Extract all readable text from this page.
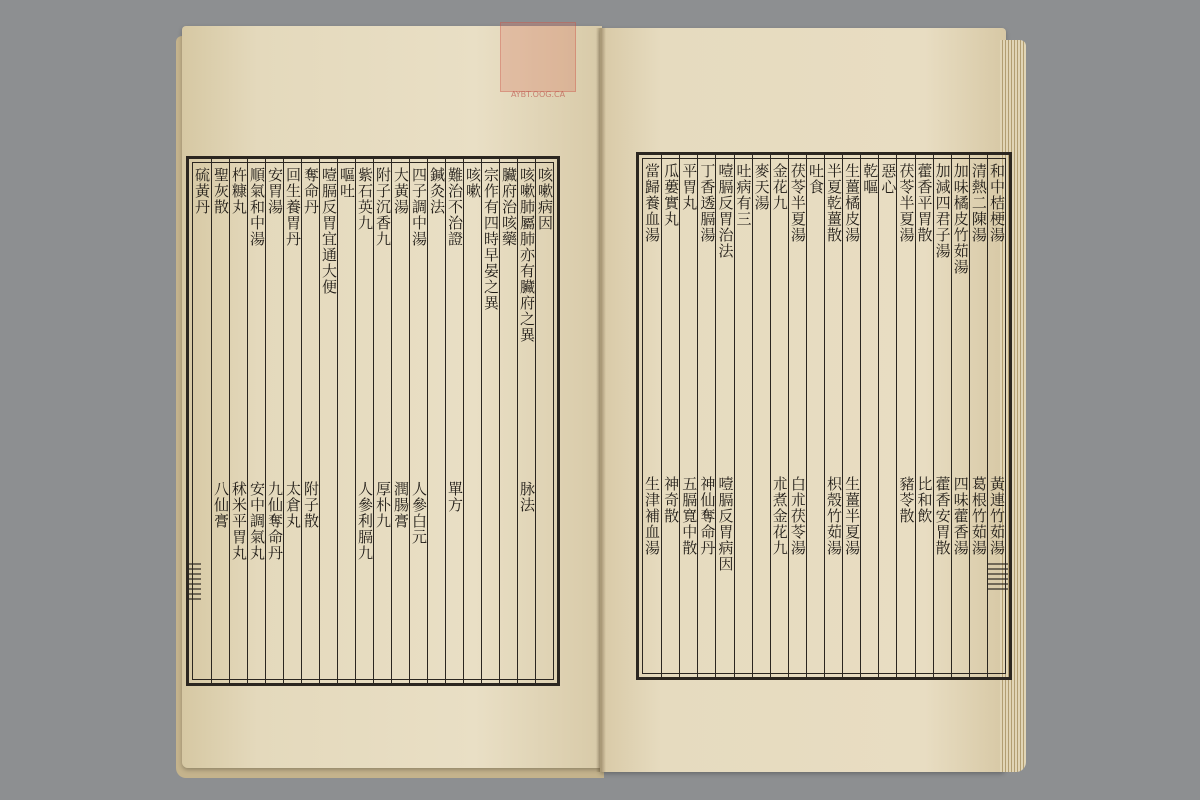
AYBT.OOG.CA
咳嗽病因
咳嗽肺屬肺亦有臟府之異
脉法
臟府治咳藥
宗作有四時早晏之異
咳嗽
難治不治證
單方
鍼灸法
四子調中湯
人參白元
大黃湯
潤腸膏
附子沉香九
厚朴九
紫石英九
人參利膈九
嘔吐
噎膈反胃宜通大便
奪命丹
附子散
回生養胃丹
太倉丸
安胃湯
九仙奪命丹
順氣和中湯
安中調氣丸
杵糠丸
秫米平胃丸
聖灰散
八仙膏
硫黃丹	和中桔梗湯
黃連竹茹湯
清熱二陳湯
葛根竹茹湯
加味橘皮竹茹湯
四味藿香湯
加減四君子湯
藿香安胃散
藿香平胃散
比和飲
茯苓半夏湯
豬苓散
惡心
乾嘔
生薑橘皮湯
生薑半夏湯
半夏乾薑散
枳殼竹茹湯
吐食
茯苓半夏湯
白朮茯苓湯
金花九
朮煮金花九
麥天湯
吐病有三
噎膈反胃治法
噎膈反胃病因
丁香透膈湯
神仙奪命丹
平胃丸
五膈寬中散
瓜蔞實丸
神奇散
當歸養血湯
生津補血湯
